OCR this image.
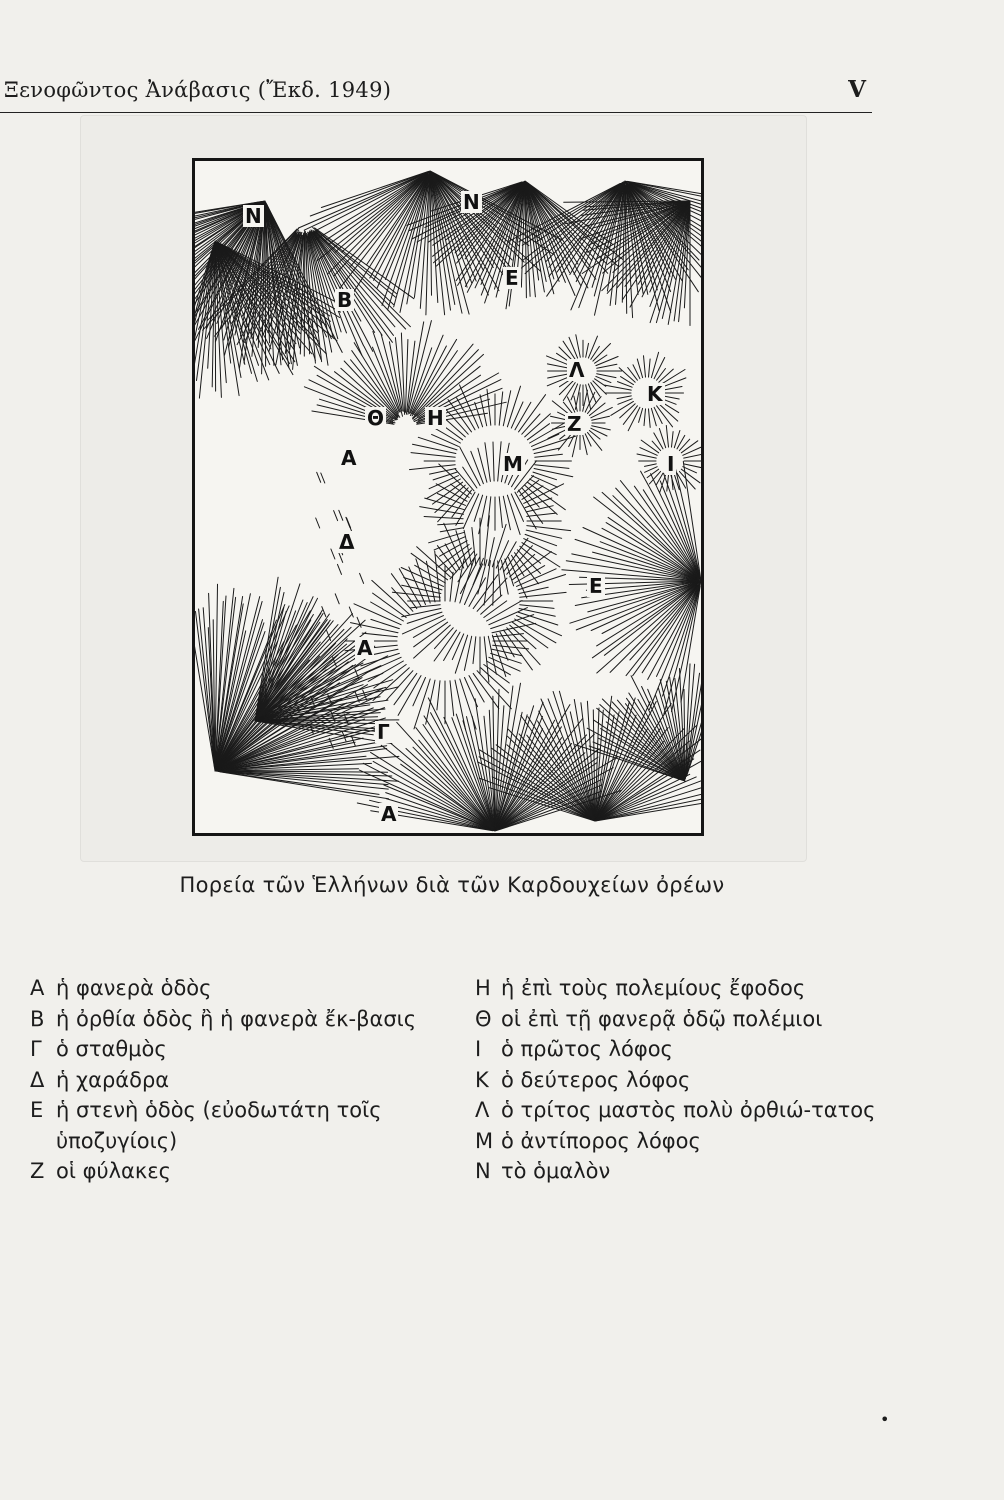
Ξενοφῶντος Ἀνάβασις (Ἔκδ. 1949)	V
Ν
Ν
Β
Ε
Λ
Κ
Θ Η	Ζ
Μ	Ι
Α
Δ
Ε
Α
Γ
Α
Πορεία τῶν Ἑλλήνων διὰ τῶν Καρδουχείων ὀρέων
Α ἡ φανερὰ ὁδὸς
Β ἡ ὀρθία ὁδὸς ἢ ἡ φανερὰ ἔκ-βασις
Γ ὁ σταθμὸς
Δ ἡ χαράδρα
Ε ἡ στενὴ ὁδὸς (εὐοδωτάτη τοῖς ὑποζυγίοις)
Ζ οἱ φύλακες
Η ἡ ἐπὶ τοὺς πολεμίους ἔφοδος
Θ οἱ ἐπὶ τῇ φανερᾷ ὁδῷ πολέμιοι
Ι ὁ πρῶτος λόφος
Κ ὁ δεύτερος λόφος
Λ ὁ τρίτος μαστὸς πολὺ ὀρθιώ-τατος
Μ ὁ ἀντίπορος λόφος
Ν τὸ ὁμαλὸν
•
